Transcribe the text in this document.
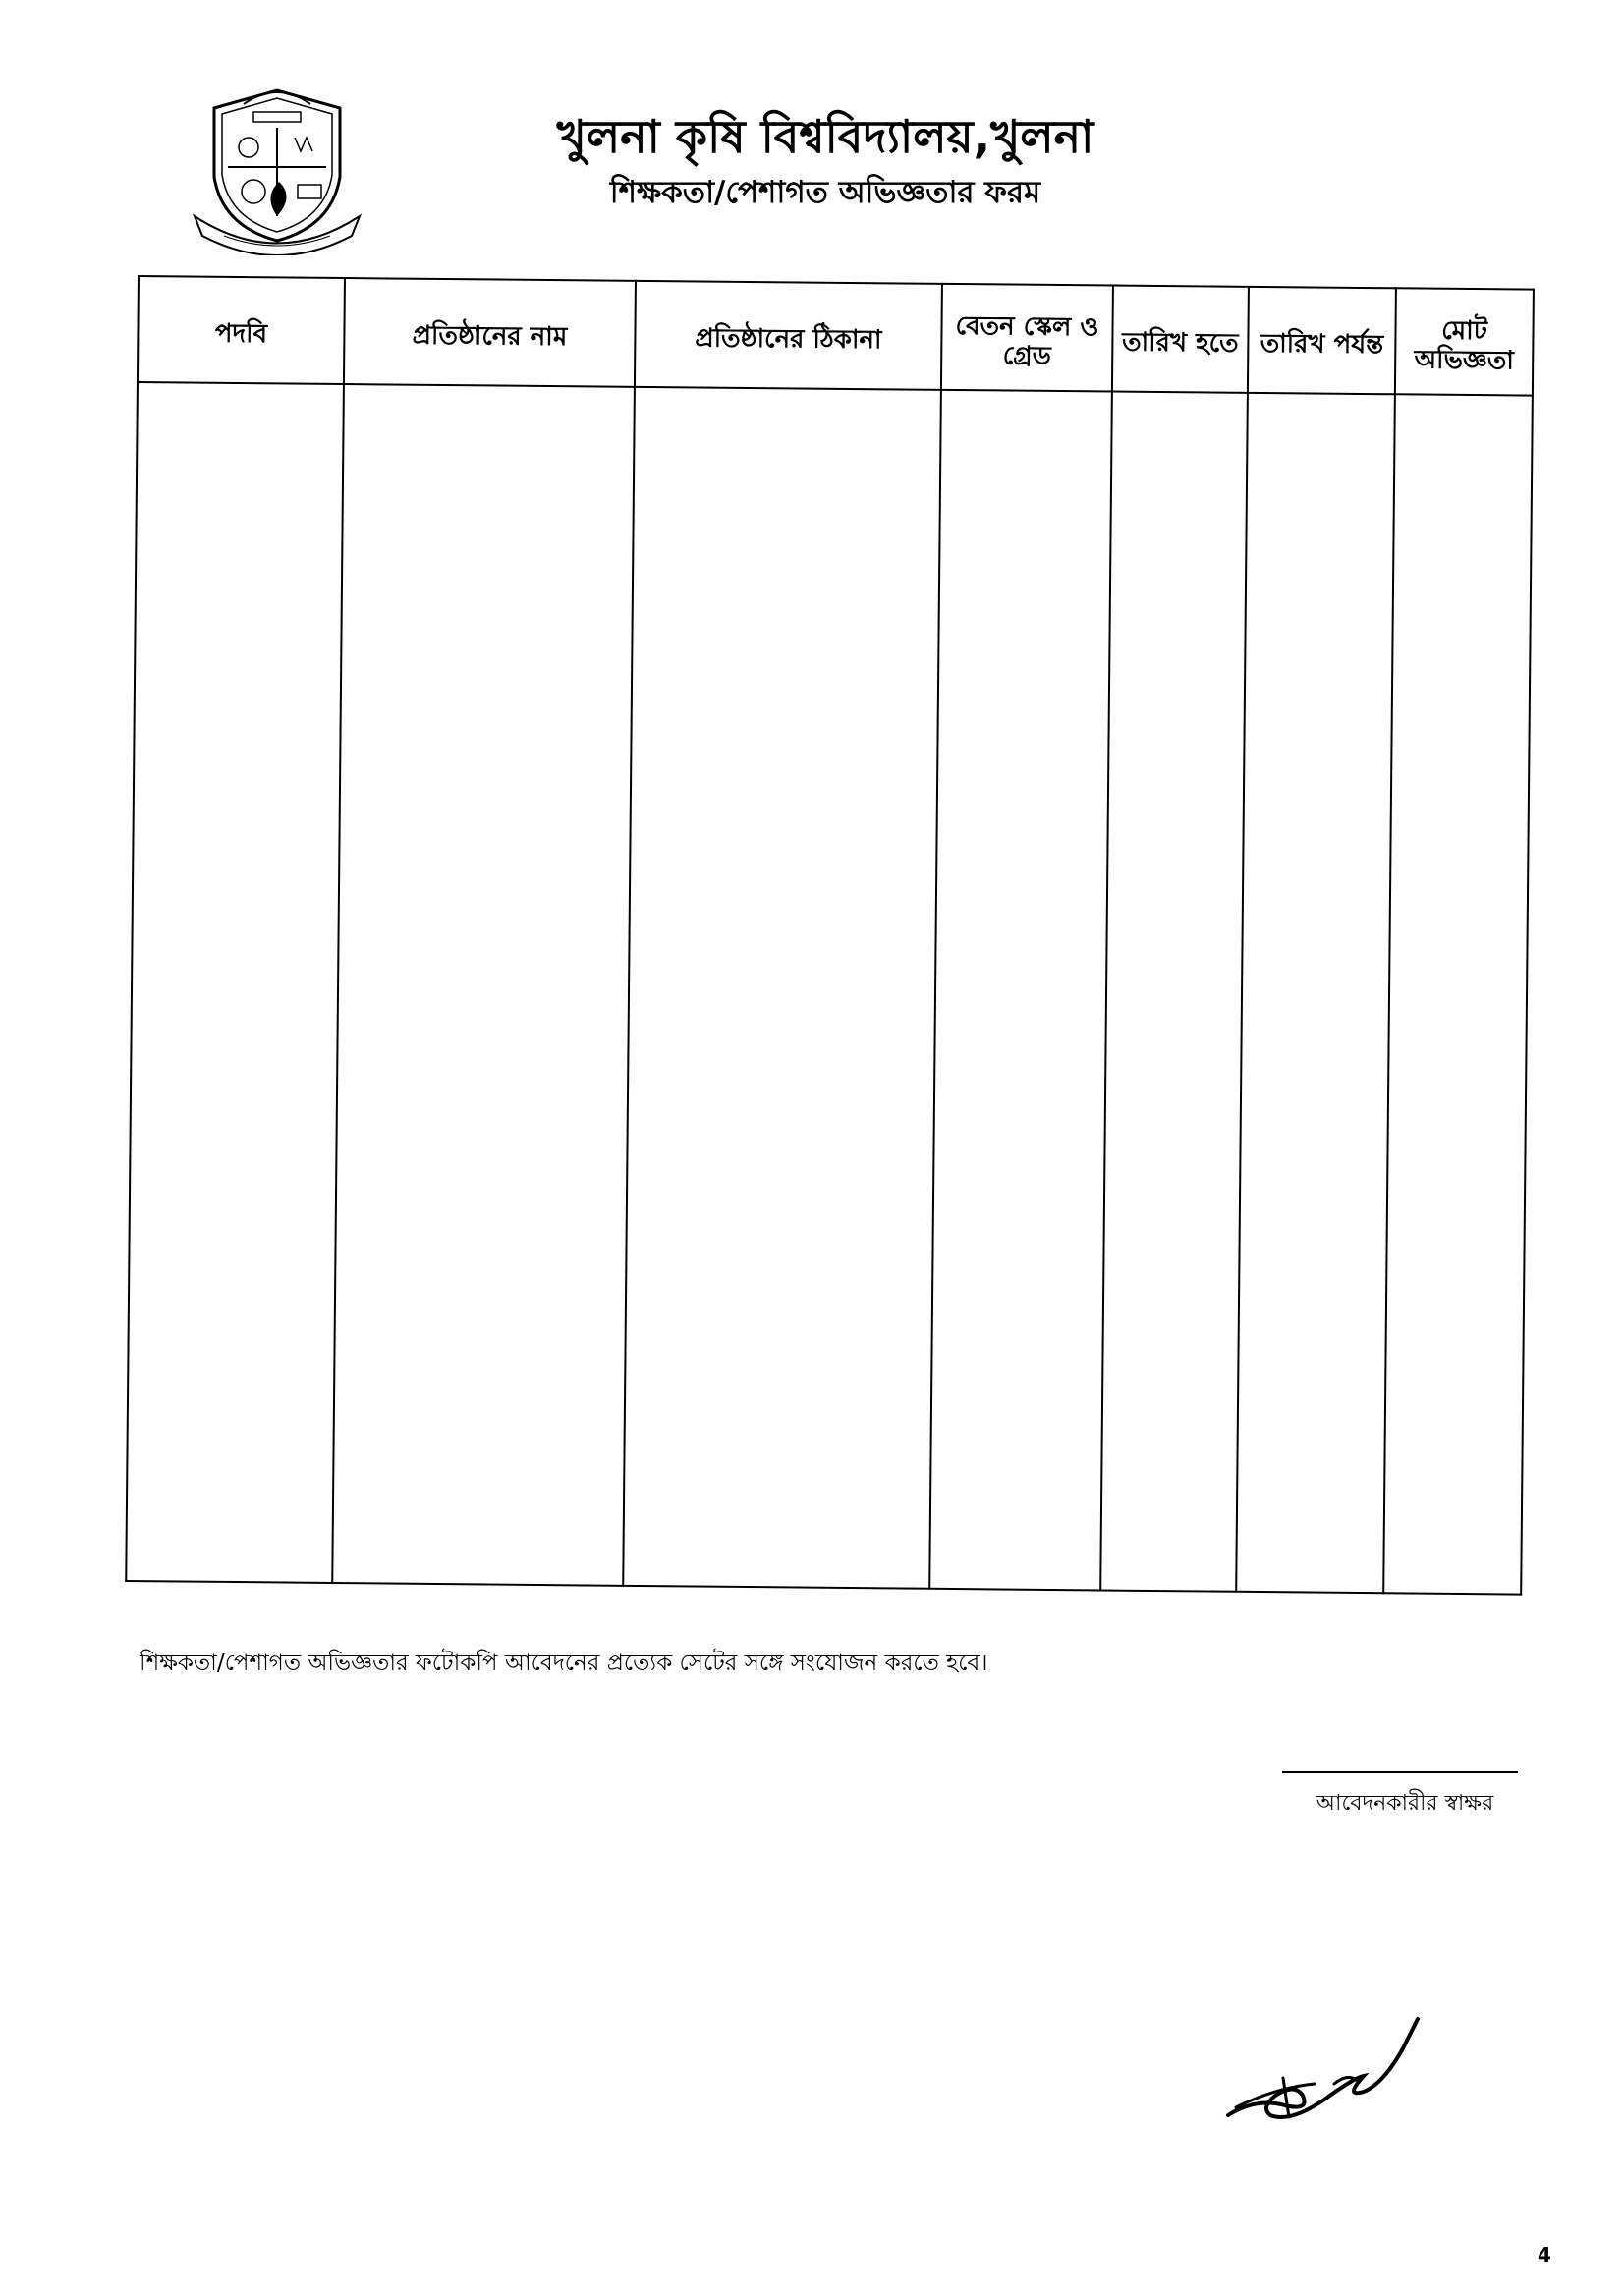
খুলনা কৃষি বিশ্ববিদ্যালয়,খুলনা
শিক্ষকতা/পেশাগত অভিজ্ঞতার ফরম
পদবি	প্রতিষ্ঠানের নাম	প্রতিষ্ঠানের ঠিকানা	বেতন স্কেল ও গ্রেড	তারিখ হতে	তারিখ পর্যন্ত	মোট অভিজ্ঞতা

শিক্ষকতা/পেশাগত অভিজ্ঞতার ফটোকপি আবেদনের প্রত্যেক সেটের সঙ্গে সংযোজন করতে হবে।
আবেদনকারীর স্বাক্ষর
4
